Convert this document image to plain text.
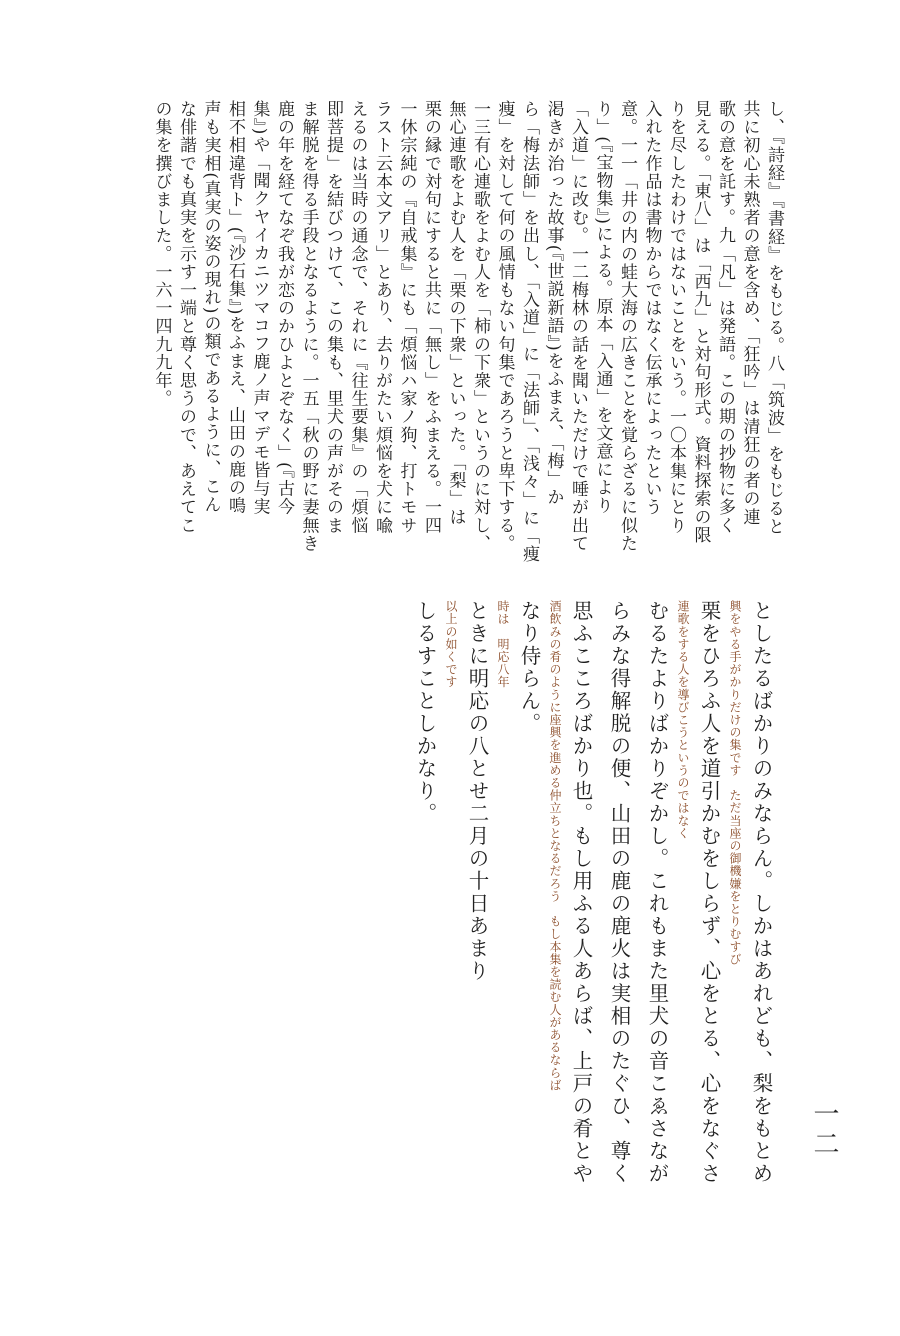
し、『詩経』『書経』をもじる。八「筑波」をもじると
共に初心未熟者の意を含め、「狂吟」は清狂の者の連
歌の意を託す。九「凡」は発語。この期の抄物に多く
見える。「東八」は「西九」と対句形式。資料探索の限
りを尽したわけではないことをいう。一〇本集にとり
入れた作品は書物からではなく伝承によったという
意。一一「井の内の蛙大海の広きことを覚らざるに似た
り」(『宝物集』)による。原本「入通」を文意により
「入道」に改む。一二梅林の話を聞いただけで唾が出て
渇きが治った故事(『世説新語』)をふまえ、「梅」か
ら「梅法師」を出し、「入道」に「法師」、「浅々」に「痩
痩」を対して何の風情もない句集であろうと卑下する。
一三有心連歌をよむ人を「柿の下衆」というのに対し、
無心連歌をよむ人を「栗の下衆」といった。「梨」は
栗の縁で対句にすると共に「無し」をふまえる。一四
一休宗純の『自戒集』にも「煩悩ハ家ノ狗、打トモサ
ラスト云本文アリ」とあり、去りがたい煩悩を犬に喩
えるのは当時の通念で、それに『往生要集』の「煩悩
即菩提」を結びつけて、この集も、里犬の声がそのま
ま解脱を得る手段となるように。一五「秋の野に妻無き
鹿の年を経てなぞ我が恋のかひよとぞなく」(『古今
集』)や「聞クヤイカニツマコフ鹿ノ声マデモ皆与実
相不相違背ト」(『沙石集』)をふまえ、山田の鹿の鳴
声も実相(真実の姿の現れ)の類であるように、こん
な俳諧でも真実を示す一端と尊く思うので、あえてこ
の集を撰びました。一六一四九九年。
としたるばかりのみならん。しかはあれども、梨をもとめ
興をやる手がかりだけの集です　ただ当座の御機嫌をとりむすび
栗をひろふ人を道引かむをしらず、心をとる、心をなぐさ
連歌をする人を導びこうというのではなく
むるたよりばかりぞかし。これもまた里犬の音こゑさなが
らみな得解脱の便、山田の鹿の鹿火は実相のたぐひ、尊く
思ふこころばかり也。もし用ふる人あらば、上戸の肴とや
酒飲みの肴のように座興を進める仲立ちとなるだろう　もし本集を読む人があるならば
なり侍らん。
時は　明応八年
ときに明応の八とせ二月の十日あまり
以上の如くです
しるすことしかなり。
一二
